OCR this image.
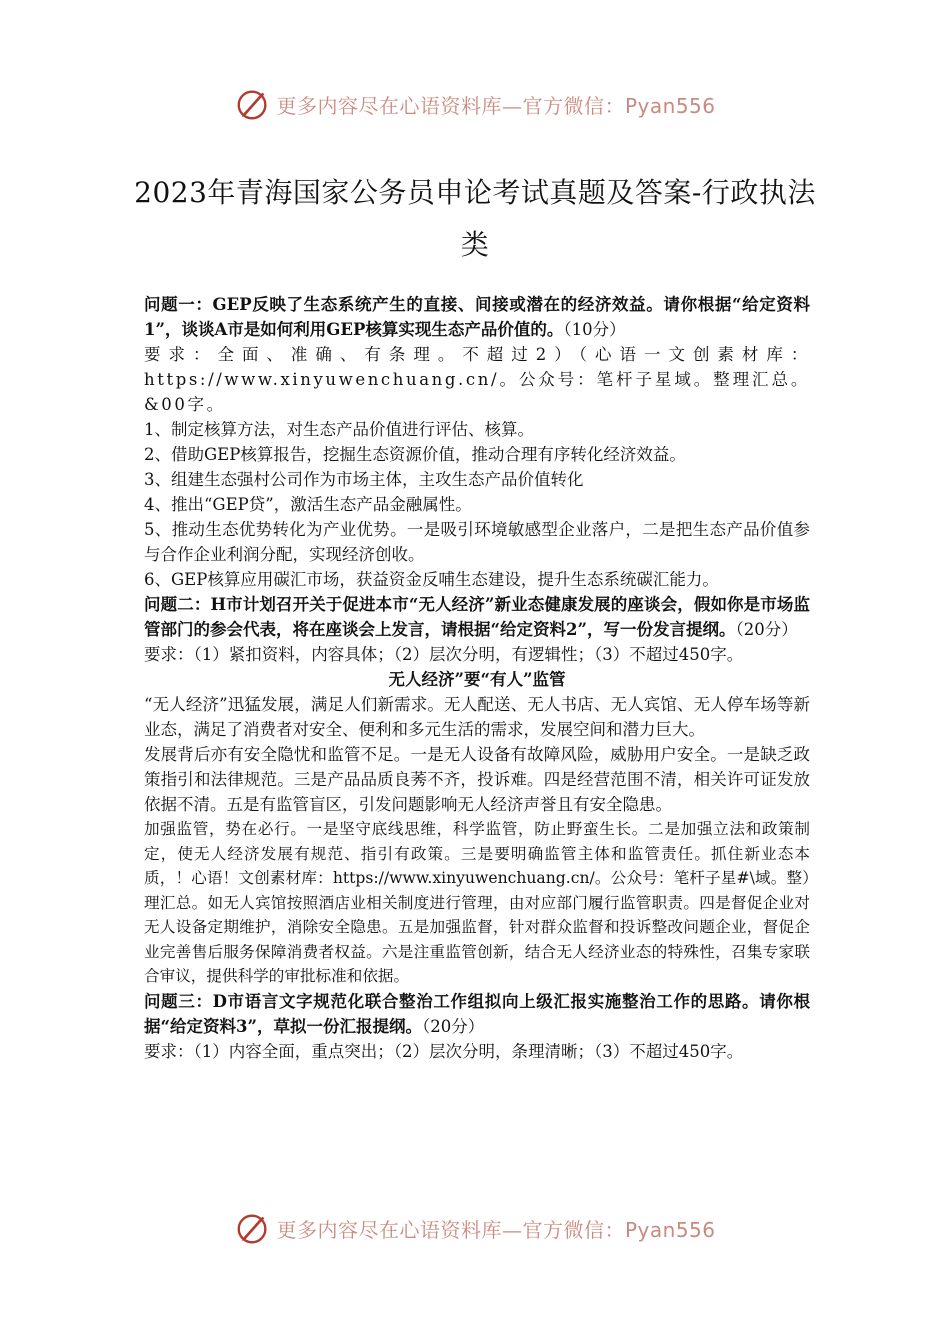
更多内容尽在心语资料库—官方微信：Pyan556
2023年青海国家公务员申论考试真题及答案-行政执法类

问题一：GEP反映了生态系统产生的直接、间接或潜在的经济效益。请你根据“给定资料1”，谈谈A市是如何利用GEP核算实现生态产品价值的。（10分）

要求：全面、准确、有条理。不超过2）（心语一文创素材库：https://www.xinyuwenchuang.cn/。公众号：笔杆子星域。整理汇总。&00字。

1、制定核算方法，对生态产品价值进行评估、核算。

2、借助GEP核算报告，挖掘生态资源价值，推动合理有序转化经济效益。

3、组建生态强村公司作为市场主体，主攻生态产品价值转化

4、推出“GEP贷”，激活生态产品金融属性。

5、推动生态优势转化为产业优势。一是吸引环境敏感型企业落户，二是把生态产品价值参与合作企业利润分配，实现经济创收。

6、GEP核算应用碳汇市场，获益资金反哺生态建设，提升生态系统碳汇能力。

问题二：H市计划召开关于促进本市“无人经济”新业态健康发展的座谈会，假如你是市场监管部门的参会代表，将在座谈会上发言，请根据“给定资料2”，写一份发言提纲。（20分）

要求：（1）紧扣资料，内容具体；（2）层次分明，有逻辑性；（3）不超过450字。

无人经济”要“有人”监管

“无人经济”迅猛发展，满足人们新需求。无人配送、无人书店、无人宾馆、无人停车场等新业态，满足了消费者对安全、便利和多元生活的需求，发展空间和潜力巨大。

发展背后亦有安全隐忧和监管不足。一是无人设备有故障风险，威胁用户安全。一是缺乏政策指引和法律规范。三是产品品质良莠不齐，投诉难。四是经营范围不清，相关许可证发放依据不清。五是有监管盲区，引发问题影响无人经济声誉且有安全隐患。

加强监管，势在必行。一是坚守底线思维，科学监管，防止野蛮生长。二是加强立法和政策制定，使无人经济发展有规范、指引有政策。三是要明确监管主体和监管责任。抓住新业态本质，！心语！文创素材库：https://www.xinyuwenchuang.cn/。公众号：笔杆子星#\域。整）理汇总。如无人宾馆按照酒店业相关制度进行管理，由对应部门履行监管职责。四是督促企业对无人设备定期维护，消除安全隐患。五是加强监督，针对群众监督和投诉整改问题企业，督促企业完善售后服务保障消费者权益。六是注重监管创新，结合无人经济业态的特殊性，召集专家联合审议，提供科学的审批标准和依据。

问题三：D市语言文字规范化联合整治工作组拟向上级汇报实施整治工作的思路。请你根据“给定资料3”，草拟一份汇报提纲。（20分）

要求：（1）内容全面，重点突出；（2）层次分明，条理清晰；（3）不超过450字。

更多内容尽在心语资料库—官方微信：Pyan556
